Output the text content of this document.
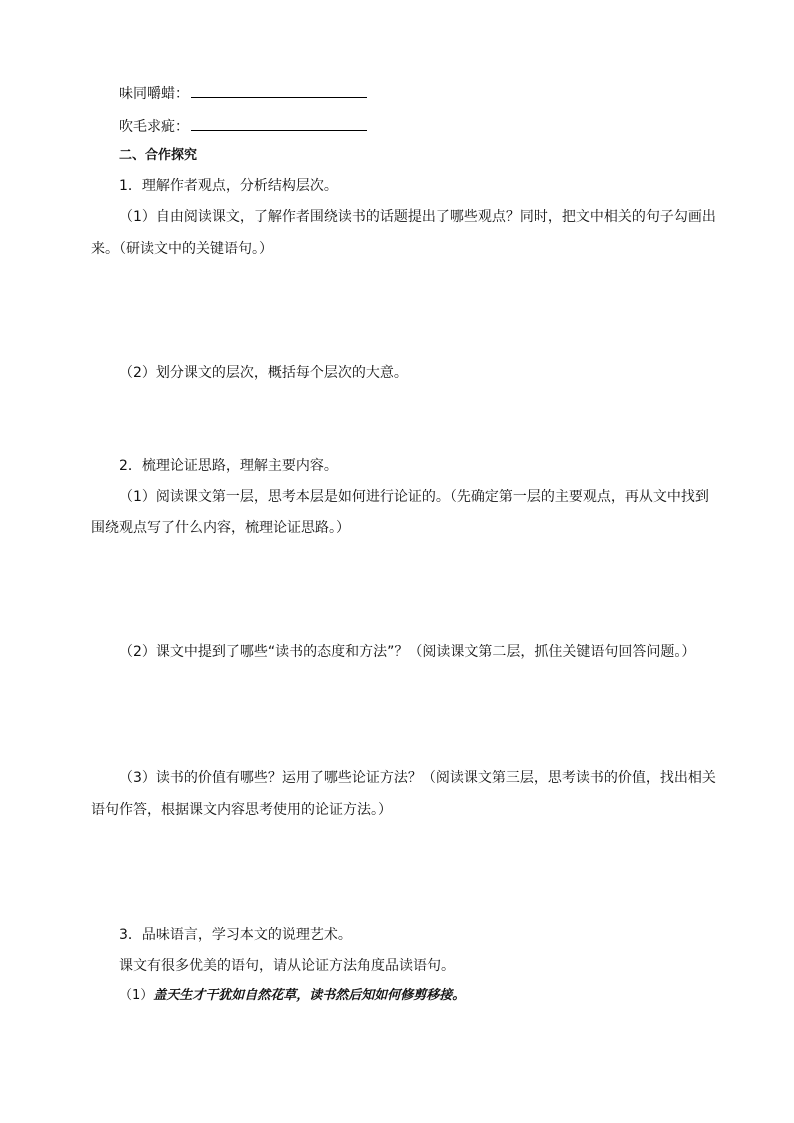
味同嚼蜡：
吹毛求疵：
二、合作探究
1．理解作者观点，分析结构层次。
（1）自由阅读课文，了解作者围绕读书的话题提出了哪些观点？同时，把文中相关的句子勾画出
来。（研读文中的关键语句。）
（2）划分课文的层次，概括每个层次的大意。
2．梳理论证思路，理解主要内容。
（1）阅读课文第一层，思考本层是如何进行论证的。（先确定第一层的主要观点，再从文中找到
围绕观点写了什么内容，梳理论证思路。）
（2）课文中提到了哪些“读书的态度和方法”？（阅读课文第二层，抓住关键语句回答问题。）
（3）读书的价值有哪些？运用了哪些论证方法？（阅读课文第三层，思考读书的价值，找出相关
语句作答，根据课文内容思考使用的论证方法。）
3．品味语言，学习本文的说理艺术。
课文有很多优美的语句，请从论证方法角度品读语句。
（1）盖天生才干犹如自然花草，读书然后知如何修剪移接。
